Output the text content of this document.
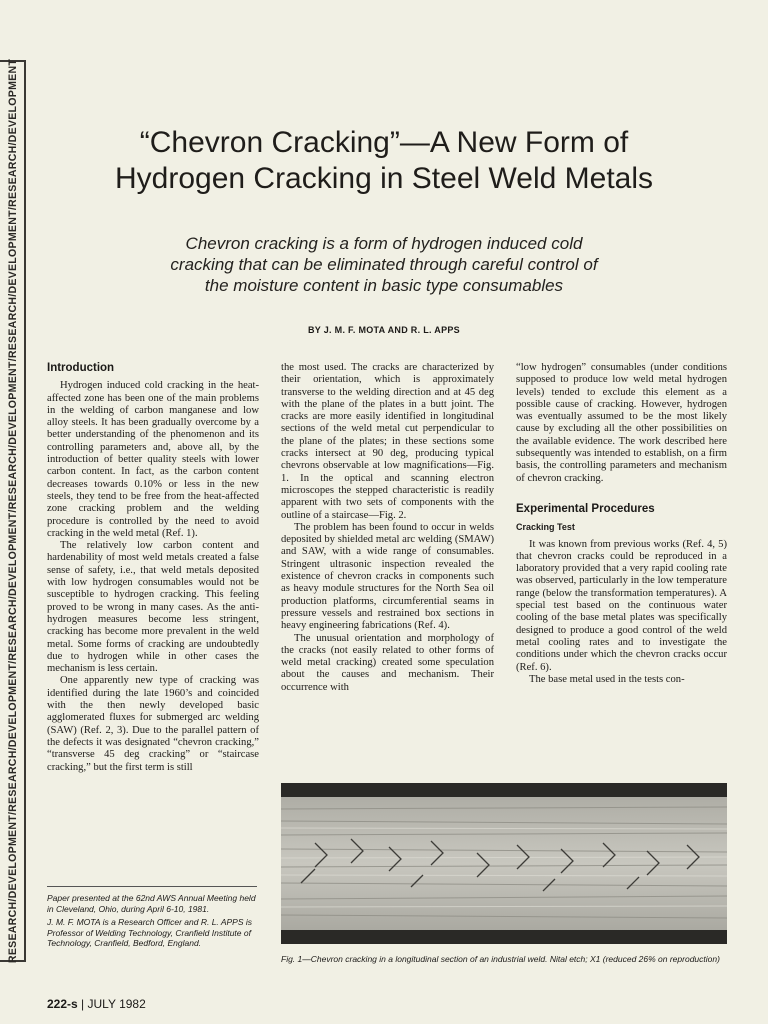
RESEARCH/DEVELOPMENT/RESEARCH/DEVELOPMENT/RESEARCH/DEVELOPMENT/RESEARCH/DEVELOPMENT/RESEARCH/DEVELOPMENT/RESEARCH/DEVELOPMENT	“Chevron Cracking”—A New Form of
Hydrogen Cracking in Steel Weld Metals
Chevron cracking is a form of hydrogen induced cold
cracking that can be eliminated through careful control of
the moisture content in basic type consumables
BY J. M. F. MOTA AND R. L. APPS
Introduction

Hydrogen induced cold cracking in the heat-affected zone has been one of the main problems in the welding of carbon manganese and low alloy steels. It has been gradually overcome by a better understanding of the phenomenon and its controlling parameters and, above all, by the introduction of better quality steels with lower carbon content. In fact, as the carbon content decreases towards 0.10% or less in the new steels, they tend to be free from the heat-affected zone cracking problem and the welding procedure is controlled by the need to avoid cracking in the weld metal (Ref. 1).

The relatively low carbon content and hardenability of most weld metals created a false sense of safety, i.e., that weld metals deposited with low hydrogen consumables would not be susceptible to hydrogen cracking. This feeling proved to be wrong in many cases. As the anti-hydrogen measures become less stringent, cracking has become more prevalent in the weld metal. Some forms of cracking are undoubtedly due to hydrogen while in other cases the mechanism is less certain.

One apparently new type of cracking was identified during the late 1960’s and coincided with the then newly developed basic agglomerated fluxes for submerged arc welding (SAW) (Ref. 2, 3). Due to the parallel pattern of the defects it was designated “chevron cracking,” “transverse 45 deg cracking” or “staircase cracking,” but the first term is still

the most used. The cracks are characterized by their orientation, which is approximately transverse to the welding direction and at 45 deg with the plane of the plates in a butt joint. The cracks are more easily identified in longitudinal sections of the weld metal cut perpendicular to the plane of the plates; in these sections some cracks intersect at 90 deg, producing typical chevrons observable at low magnifications—Fig. 1. In the optical and scanning electron microscopes the stepped characteristic is readily apparent with two sets of components with the outline of a staircase—Fig. 2.

The problem has been found to occur in welds deposited by shielded metal arc welding (SMAW) and SAW, with a wide range of consumables. Stringent ultrasonic inspection revealed the existence of chevron cracks in components such as heavy module structures for the North Sea oil production platforms, circumferential seams in pressure vessels and restrained box sections in heavy engineering fabrications (Ref. 4).

The unusual orientation and morphology of the cracks (not easily related to other forms of weld metal cracking) created some speculation about the causes and mechanism. Their occurrence with

“low hydrogen” consumables (under conditions supposed to produce low weld metal hydrogen levels) tended to exclude this element as a possible cause of cracking. However, hydrogen was eventually assumed to be the most likely cause by excluding all the other possibilities on the available evidence. The work described here subsequently was intended to establish, on a firm basis, the controlling parameters and mechanism of chevron cracking.

Experimental Procedures
Cracking Test

It was known from previous works (Ref. 4, 5) that chevron cracks could be reproduced in a laboratory provided that a very rapid cooling rate was observed, particularly in the low temperature range (below the transformation temperatures). A special test based on the continuous water cooling of the base metal plates was specifically designed to produce a good control of the weld metal cooling rates and to investigate the conditions under which the chevron cracks occur (Ref. 6).

The base metal used in the tests con-

Paper presented at the 62nd AWS Annual Meeting held in Cleveland, Ohio, during April 6-10, 1981.

J. M. F. MOTA is a Research Officer and R. L. APPS is Professor of Welding Technology, Cranfield Institute of Technology, Cranfield, Bedford, England.

Fig. 1—Chevron cracking in a longitudinal section of an industrial weld. Nital etch; X1 (reduced 26% on reproduction)
222-s | JULY 1982
